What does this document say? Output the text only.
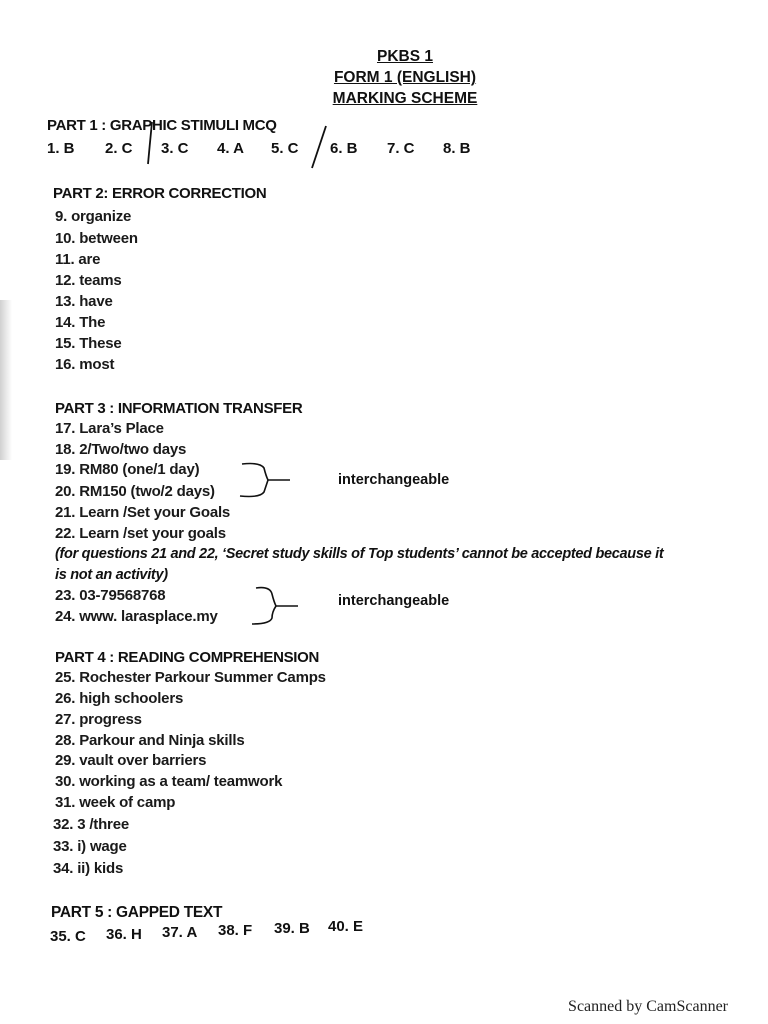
PKBS 1
FORM 1 (ENGLISH)
MARKING SCHEME
PART 1 : GRAPHIC STIMULI MCQ
1. B 2. C 3. C 4. A 5. C 6. B 7. C 8. B
PART 2: ERROR CORRECTION
9. organize
10. between
11. are
12. teams
13. have
14. The
15. These
16. most
PART 3 : INFORMATION TRANSFER
17. Lara’s Place
18. 2/Two/two days
19. RM80 (one/1 day)
20. RM150 (two/2 days)
21. Learn /Set your Goals
22. Learn /set your goals
(for questions 21 and 22, ‘Secret study skills of Top students’ cannot be accepted because it
is not an activity)
23. 03-79568768
24. www. larasplace.my
interchangeable
interchangeable
PART 4 : READING COMPREHENSION
25. Rochester Parkour Summer Camps
26. high schoolers
27. progress
28. Parkour and Ninja skills
29. vault over barriers
30. working as a team/ teamwork
31. week of camp
32. 3 /three
33. i) wage
34. ii) kids
PART 5 : GAPPED TEXT
35. C 36. H 37. A 38. F 39. B 40. E
Scanned by CamScanner
